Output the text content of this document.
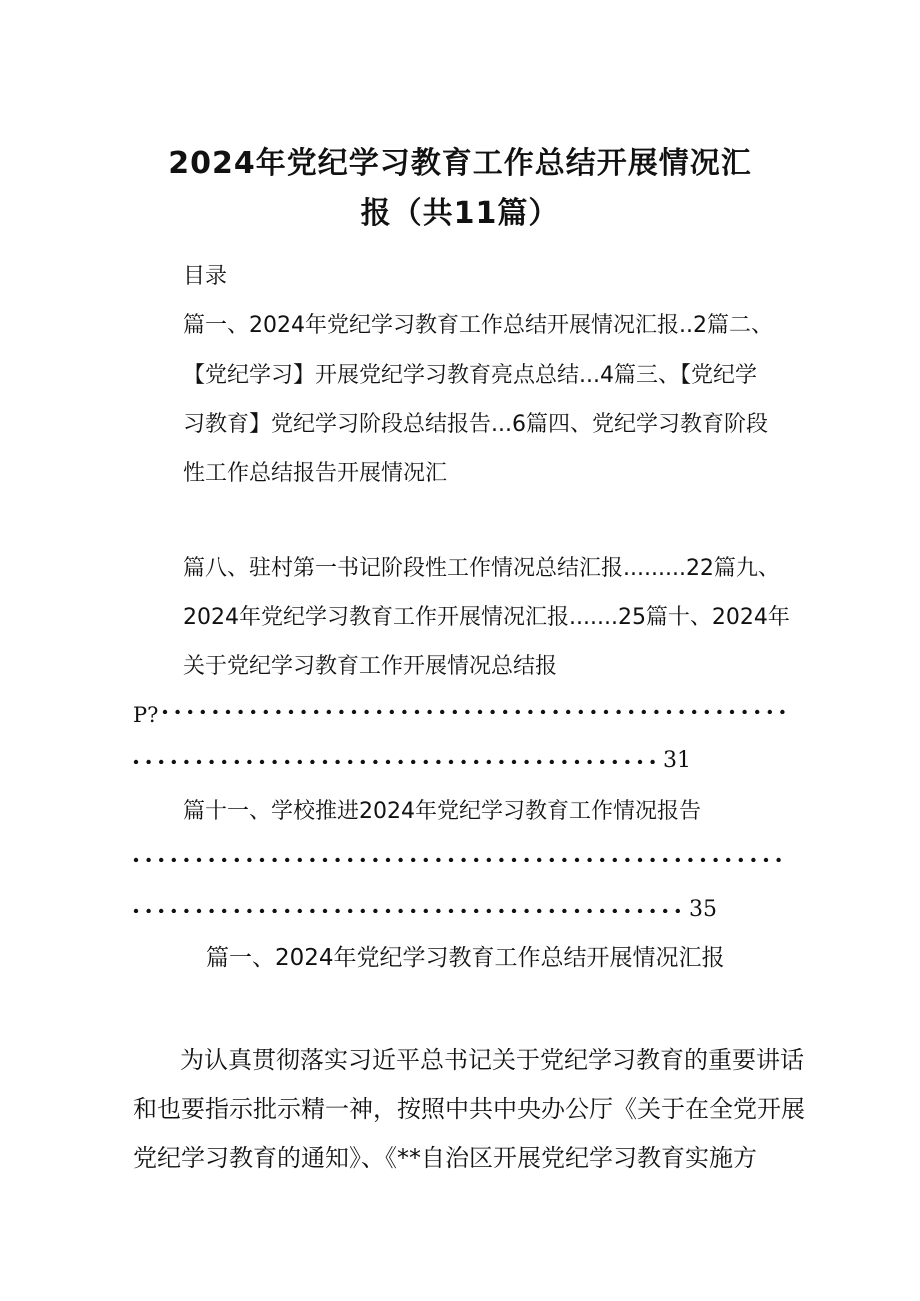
2024年党纪学习教育工作总结开展情况汇
报（共11篇）
目录
篇一、2024年党纪学习教育工作总结开展情况汇报..2篇二、
【党纪学习】开展党纪学习教育亮点总结...4篇三、【党纪学
习教育】党纪学习阶段总结报告...6篇四、党纪学习教育阶段
性工作总结报告开展情况汇
篇八、驻村第一书记阶段性工作情况总结汇报.........22篇九、
2024年党纪学习教育工作开展情况汇报.......25篇十、2024年
关于党纪学习教育工作开展情况总结报
P?
31
篇十一、学校推进2024年党纪学习教育工作情况报告
35
篇一、2024年党纪学习教育工作总结开展情况汇报
为认真贯彻落实习近平总书记关于党纪学习教育的重要讲话
和也要指示批示精一神，按照中共中央办公厅《关于在全党开展
党纪学习教育的通知》、《**自治区开展党纪学习教育实施方
